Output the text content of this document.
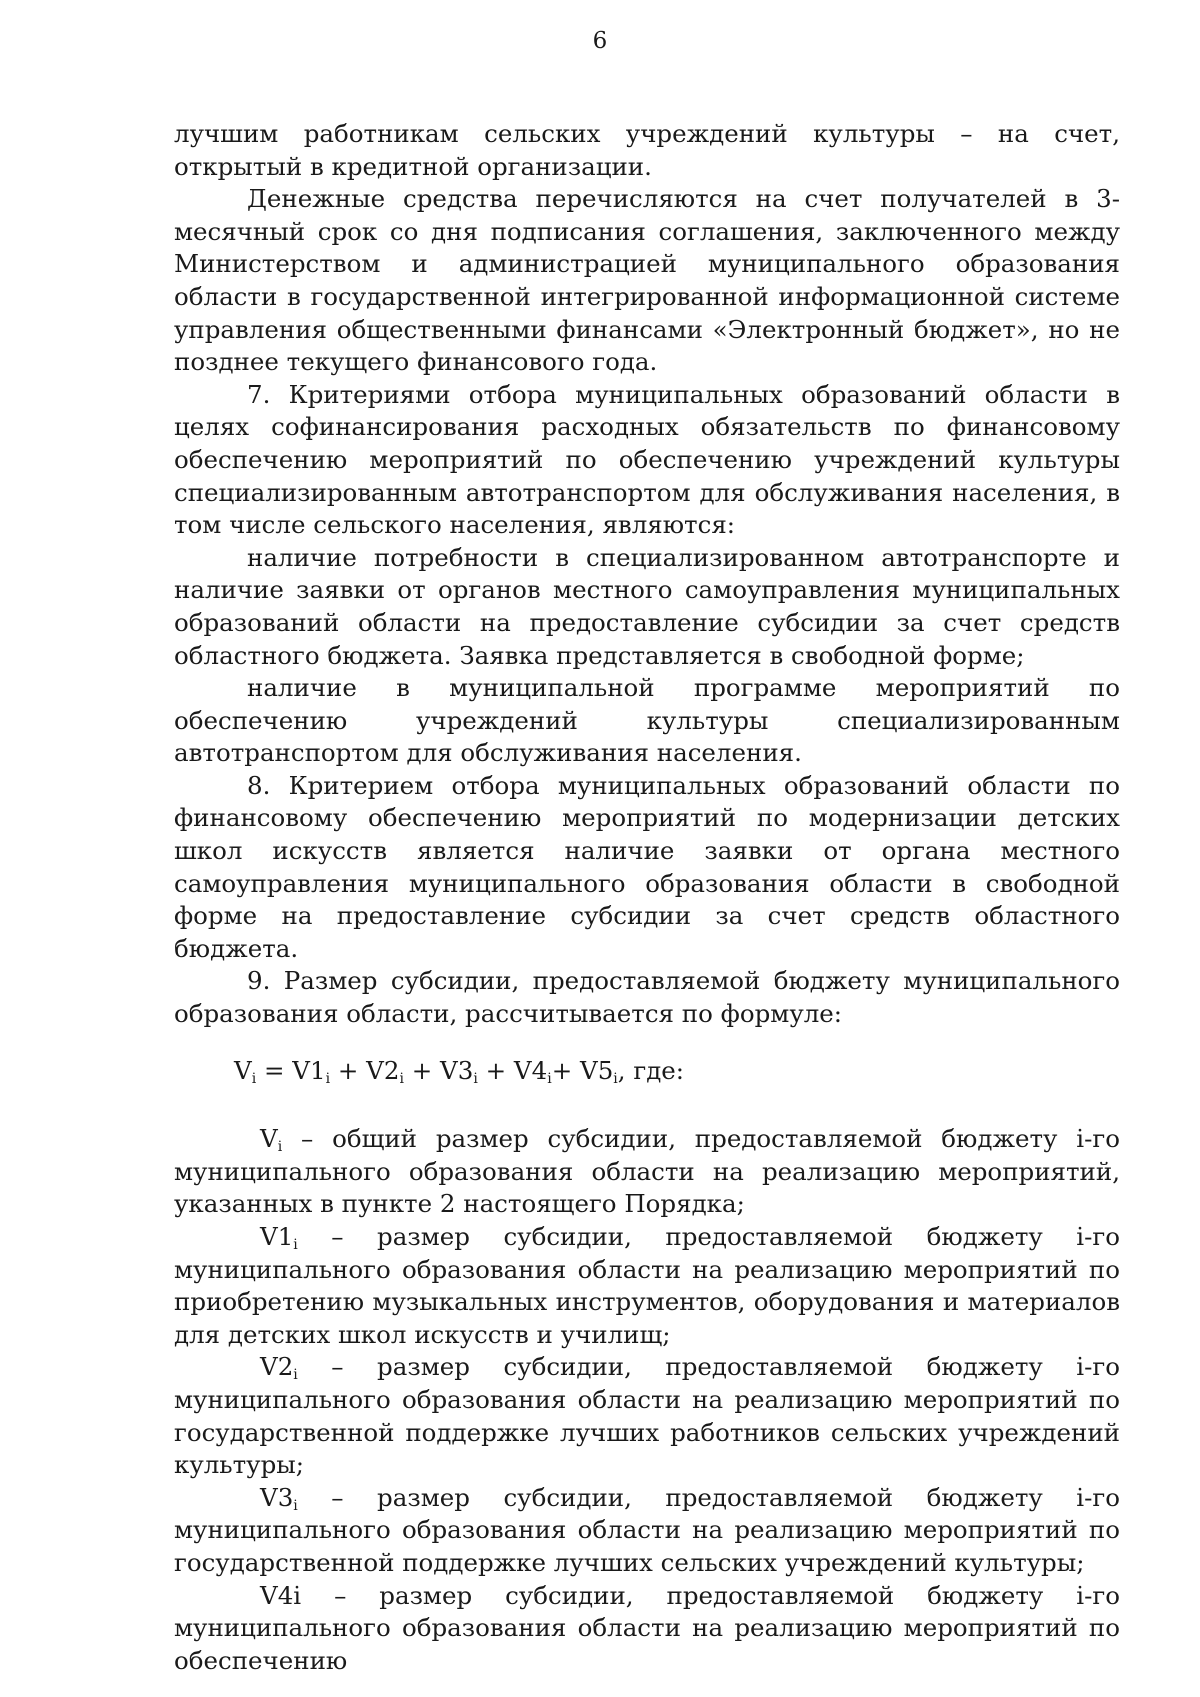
6

лучшим работникам сельских учреждений культуры – на счет, открытый в кредитной организации.

Денежные средства перечисляются на счет получателей в 3-месячный срок со дня подписания соглашения, заключенного между Министерством и администрацией муниципального образования области в государственной интегрированной информационной системе управления общественными финансами «Электронный бюджет», но не позднее текущего финансового года.

7. Критериями отбора муниципальных образований области в целях софинансирования расходных обязательств по финансовому обеспечению мероприятий по обеспечению учреждений культуры специализированным автотранспортом для обслуживания населения, в том числе сельского населения, являются:

наличие потребности в специализированном автотранспорте и наличие заявки от органов местного самоуправления муниципальных образований области на предоставление субсидии за счет средств областного бюджета. Заявка представляется в свободной форме;

наличие в муниципальной программе мероприятий по обеспечению учреждений культуры специализированным автотранспортом для обслуживания населения.

8. Критерием отбора муниципальных образований области по финансовому обеспечению мероприятий по модернизации детских школ искусств является наличие заявки от органа местного самоуправления муниципального образования области в свободной форме на предоставление субсидии за счет средств областного бюджета.

9. Размер субсидии, предоставляемой бюджету муниципального образования области, рассчитывается по формуле:

$V_i = V1_i + V2_i + V3_i + V4_i+ V5_i$, где:

$V_i$ – общий размер субсидии, предоставляемой бюджету i-го муниципального образования области на реализацию мероприятий, указанных в пункте 2 настоящего Порядка;

$V1_i$ – размер субсидии, предоставляемой бюджету i-го муниципального образования области на реализацию мероприятий по приобретению музыкальных инструментов, оборудования и материалов для детских школ искусств и училищ;

$V2_i$ – размер субсидии, предоставляемой бюджету i-го муниципального образования области на реализацию мероприятий по государственной поддержке лучших работников сельских учреждений культуры;

$V3_i$ – размер субсидии, предоставляемой бюджету i-го муниципального образования области на реализацию мероприятий по государственной поддержке лучших сельских учреждений культуры;

V4i – размер субсидии, предоставляемой бюджету i-го муниципального образования области на реализацию мероприятий по обеспечению
